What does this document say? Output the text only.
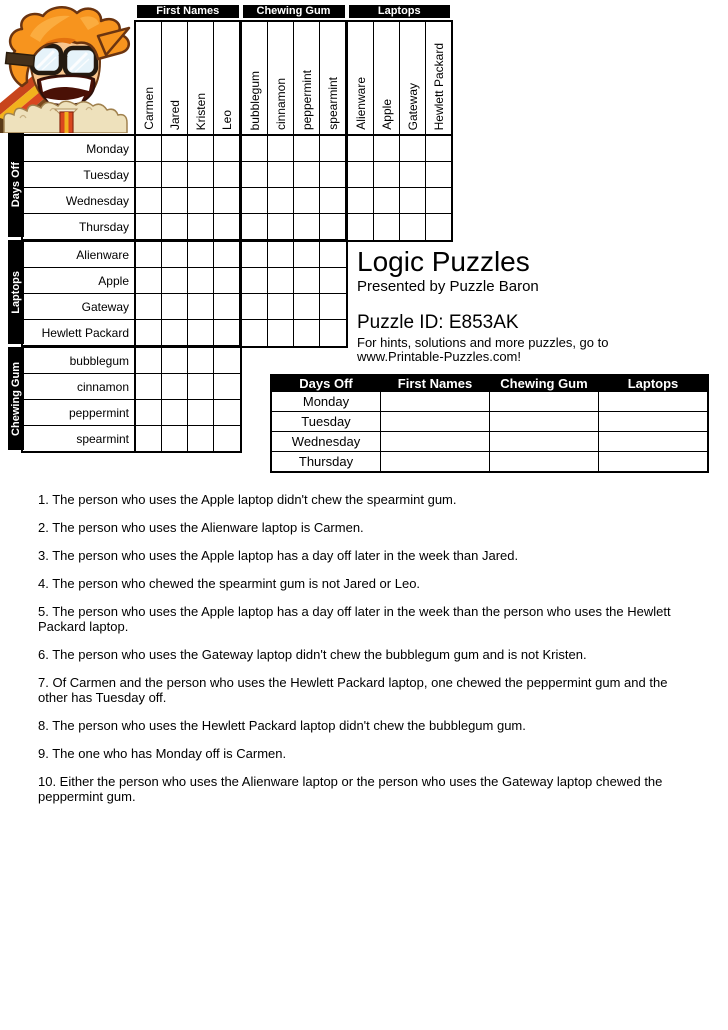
	First Names				Chewing Gum				Laptops			

	Carmen	Jared	Kristen	Leo	bubblegum	cinnamon	peppermint	spearmint	Alienware	Apple	Gateway	Hewlett Packard

Monday												
Tuesday												
Wednesday												
Thursday												
Alienware												
Apple												
Gateway												
Hewlett Packard												
bubblegum												
cinnamon												
peppermint												
spearmint												
Days Off
Laptops
Chewing Gum
Logic Puzzles
Presented by Puzzle Baron
Puzzle ID: E853AK
For hints, solutions and more puzzles, go to
www.Printable-Puzzles.com!
Days Off	First Names	Chewing Gum	Laptops
Monday			
Tuesday			
Wednesday			
Thursday			

1. The person who uses the Apple laptop didn't chew the spearmint gum.

2. The person who uses the Alienware laptop is Carmen.

3. The person who uses the Apple laptop has a day off later in the week than Jared.

4. The person who chewed the spearmint gum is not Jared or Leo.

5. The person who uses the Apple laptop has a day off later in the week than the person who uses the Hewlett Packard laptop.

6. The person who uses the Gateway laptop didn't chew the bubblegum gum and is not Kristen.

7. Of Carmen and the person who uses the Hewlett Packard laptop, one chewed the peppermint gum and the other has Tuesday off.

8. The person who uses the Hewlett Packard laptop didn't chew the bubblegum gum.

9. The one who has Monday off is Carmen.

10. Either the person who uses the Alienware laptop or the person who uses the Gateway laptop chewed the peppermint gum.
